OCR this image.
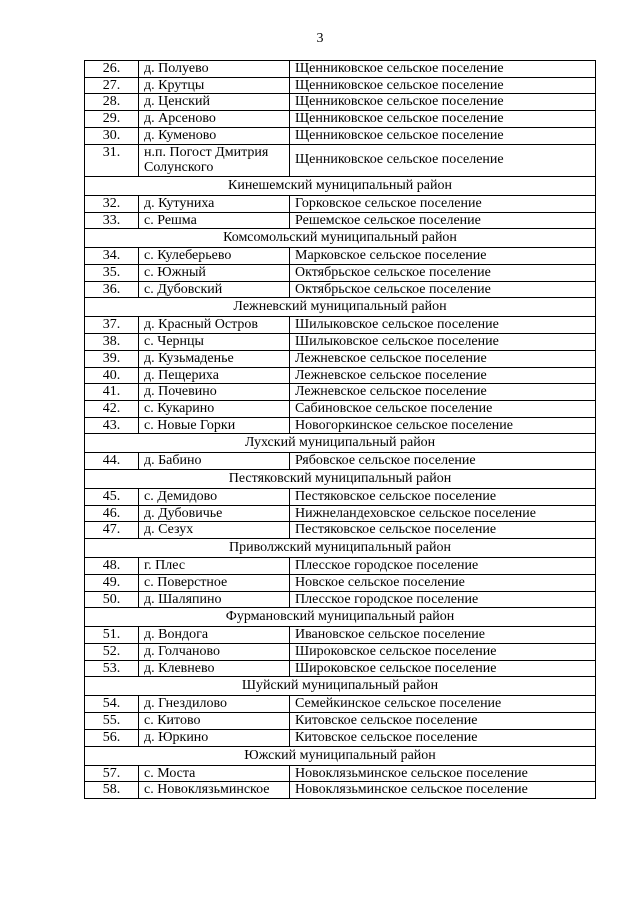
3
26.	д. Полуево	Щенниковское сельское поселение
27.	д. Крутцы	Щенниковское сельское поселение
28.	д. Ценский	Щенниковское сельское поселение
29.	д. Арсеново	Щенниковское сельское поселение
30.	д. Куменово	Щенниковское сельское поселение
31.	н.п. Погост Дмитрия Солунского	Щенниковское сельское поселение
Кинешемский муниципальный район		
32.	д. Кутуниха	Горковское сельское поселение
33.	с. Решма	Решемское сельское поселение
Комсомольский муниципальный район		
34.	с. Кулеберьево	Марковское сельское поселение
35.	с. Южный	Октябрьское сельское поселение
36.	с. Дубовский	Октябрьское сельское поселение
Лежневский муниципальный район		
37.	д. Красный Остров	Шилыковское сельское поселение
38.	с. Чернцы	Шилыковское сельское поселение
39.	д. Кузьмаденье	Лежневское сельское поселение
40.	д. Пещериха	Лежневское сельское поселение
41.	д. Почевино	Лежневское сельское поселение
42.	с. Кукарино	Сабиновское сельское поселение
43.	с. Новые Горки	Новогоркинское сельское поселение
Лухский муниципальный район		
44.	д. Бабино	Рябовское сельское поселение
Пестяковский муниципальный район		
45.	с. Демидово	Пестяковское сельское поселение
46.	д. Дубовичье	Нижнеландеховское сельское поселение
47.	д. Сезух	Пестяковское сельское поселение
Приволжский муниципальный район		
48.	г. Плес	Плесское городское поселение
49.	с. Поверстное	Новское сельское поселение
50.	д. Шаляпино	Плесское городское поселение
Фурмановский муниципальный район		
51.	д. Вондога	Ивановское сельское поселение
52.	д. Голчаново	Широковское сельское поселение
53.	д. Клевнево	Широковское сельское поселение
Шуйский муниципальный район		
54.	д. Гнездилово	Семейкинское сельское поселение
55.	с. Китово	Китовское сельское поселение
56.	д. Юркино	Китовское сельское поселение
Южский муниципальный район		
57.	с. Моста	Новоклязьминское сельское поселение
58.	с. Новоклязьминское	Новоклязьминское сельское поселение
